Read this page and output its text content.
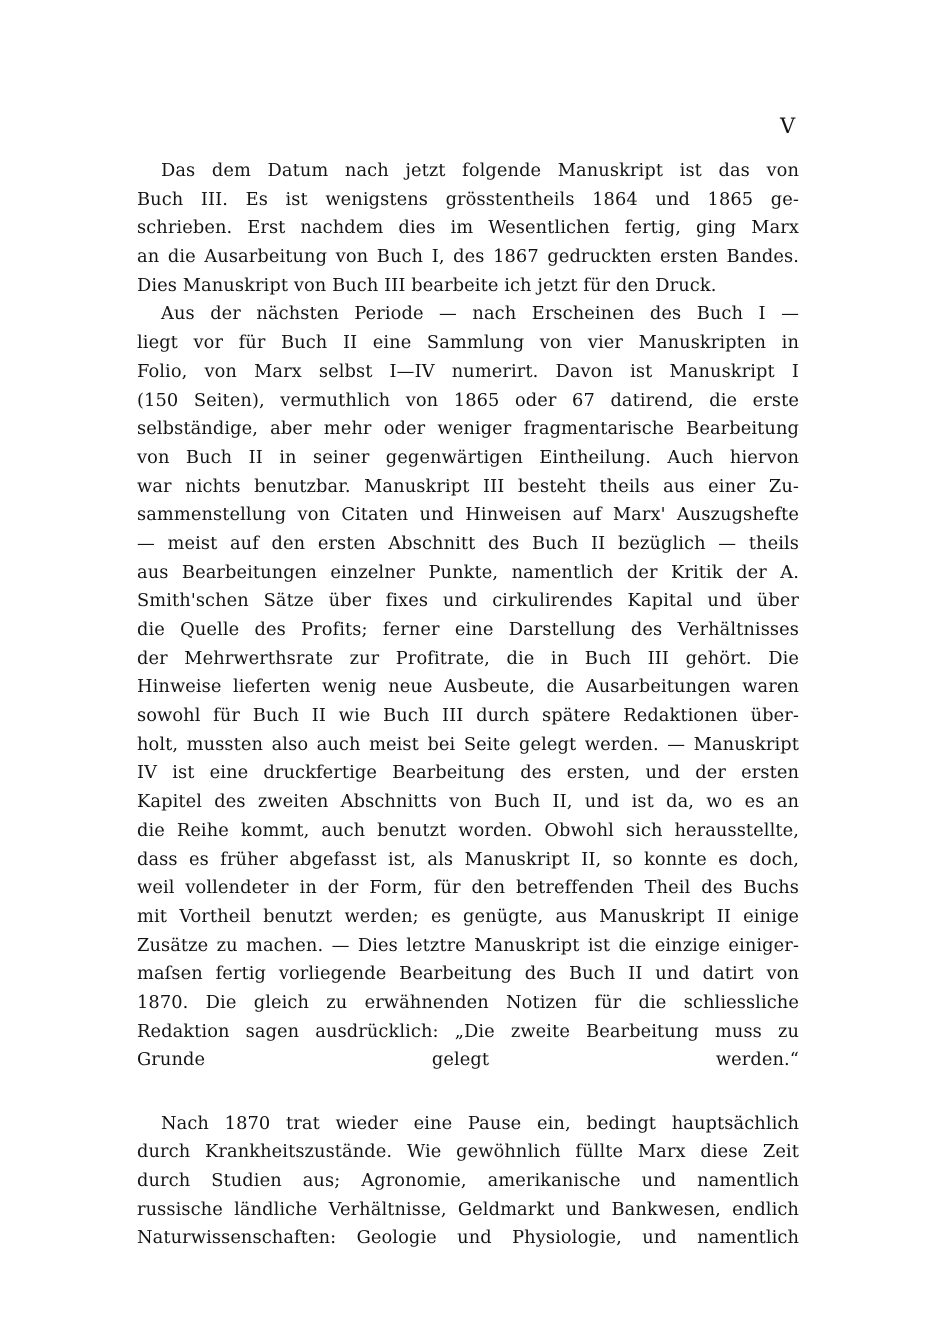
V
Das dem Datum nach jetzt folgende Manuskript ist das von
Buch III. Es ist wenigstens grösstentheils 1864 und 1865 ge-
schrieben. Erst nachdem dies im Wesentlichen fertig, ging Marx
an die Ausarbeitung von Buch I, des 1867 gedruckten ersten Bandes.
Dies Manuskript von Buch III bearbeite ich jetzt für den Druck.
Aus der nächsten Periode — nach Erscheinen des Buch I —
liegt vor für Buch II eine Sammlung von vier Manuskripten in
Folio, von Marx selbst I—IV numerirt. Davon ist Manuskript I
(150 Seiten), vermuthlich von 1865 oder 67 datirend, die erste
selbständige, aber mehr oder weniger fragmentarische Bearbeitung
von Buch II in seiner gegenwärtigen Eintheilung. Auch hiervon
war nichts benutzbar. Manuskript III besteht theils aus einer Zu-
sammenstellung von Citaten und Hinweisen auf Marx' Auszugshefte
— meist auf den ersten Abschnitt des Buch II bezüglich — theils
aus Bearbeitungen einzelner Punkte, namentlich der Kritik der A.
Smith'schen Sätze über fixes und cirkulirendes Kapital und über
die Quelle des Profits; ferner eine Darstellung des Verhältnisses
der Mehrwerthsrate zur Profitrate, die in Buch III gehört. Die
Hinweise lieferten wenig neue Ausbeute, die Ausarbeitungen waren
sowohl für Buch II wie Buch III durch spätere Redaktionen über-
holt, mussten also auch meist bei Seite gelegt werden. — Manuskript
IV ist eine druckfertige Bearbeitung des ersten, und der ersten
Kapitel des zweiten Abschnitts von Buch II, und ist da, wo es an
die Reihe kommt, auch benutzt worden. Obwohl sich herausstellte,
dass es früher abgefasst ist, als Manuskript II, so konnte es doch,
weil vollendeter in der Form, für den betreffenden Theil des Buchs
mit Vortheil benutzt werden; es genügte, aus Manuskript II einige
Zusätze zu machen. — Dies letztre Manuskript ist die einzige einiger-
maſsen fertig vorliegende Bearbeitung des Buch II und datirt von
1870. Die gleich zu erwähnenden Notizen für die schliessliche
Redaktion sagen ausdrücklich: „Die zweite Bearbeitung muss zu
Grunde gelegt werden.“
Nach 1870 trat wieder eine Pause ein, bedingt hauptsächlich
durch Krankheitszustände. Wie gewöhnlich füllte Marx diese Zeit
durch Studien aus; Agronomie, amerikanische und namentlich
russische ländliche Verhältnisse, Geldmarkt und Bankwesen, endlich
Naturwissenschaften: Geologie und Physiologie, und namentlich
